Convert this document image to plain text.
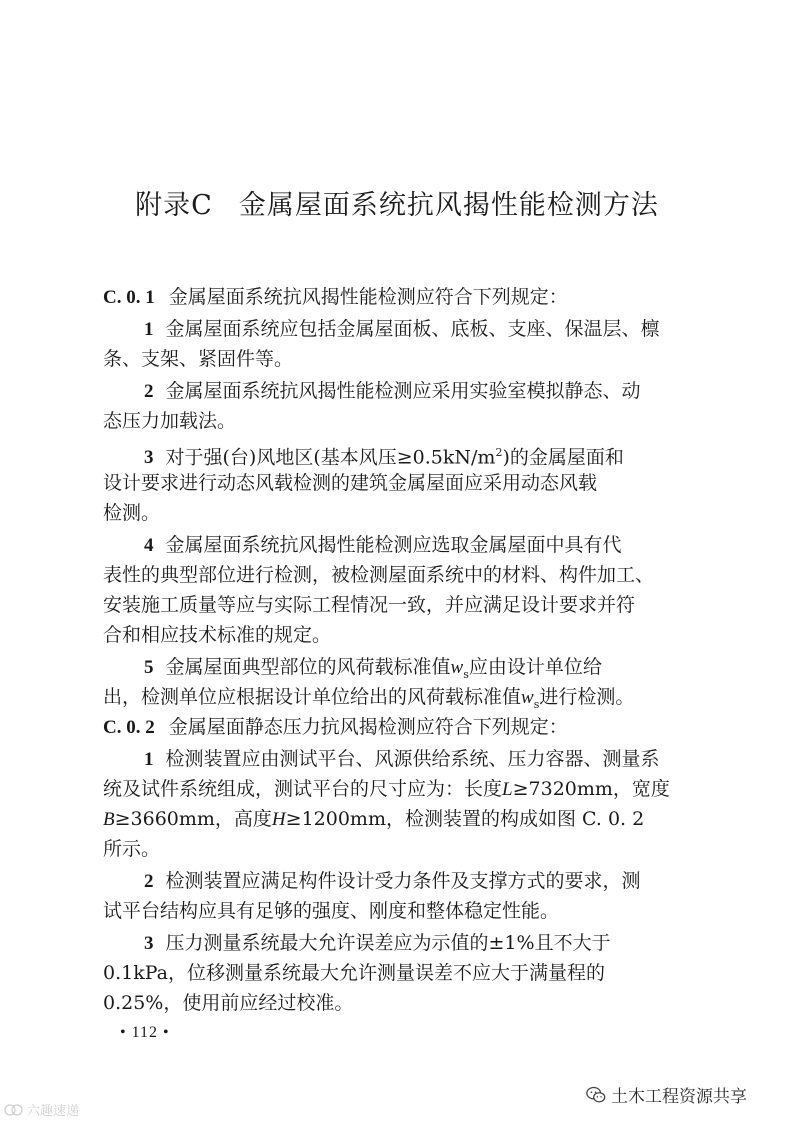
附录C 金属屋面系统抗风揭性能检测方法
C. 0. 1 金属屋面系统抗风揭性能检测应符合下列规定：
1 金属屋面系统应包括金属屋面板、底板、支座、保温层、檩
条、支架、紧固件等。
2 金属屋面系统抗风揭性能检测应采用实验室模拟静态、动
态压力加载法。
3 对于强(台)风地区(基本风压$\ge 0.5kN/m^2$)的金属屋面和
设计要求进行动态风载检测的建筑金属屋面应采用动态风载
检测。
4 金属屋面系统抗风揭性能检测应选取金属屋面中具有代
表性的典型部位进行检测，被检测屋面系统中的材料、构件加工、
安装施工质量等应与实际工程情况一致，并应满足设计要求并符
合和相应技术标准的规定。
5 金属屋面典型部位的风荷载标准值$w_s$应由设计单位给
出，检测单位应根据设计单位给出的风荷载标准值$w_s$进行检测。
C. 0. 2 金属屋面静态压力抗风揭检测应符合下列规定：
1 检测装置应由测试平台、风源供给系统、压力容器、测量系
统及试件系统组成，测试平台的尺寸应为：长度L≥7320mm，宽度
B≥3660mm，高度H≥1200mm，检测装置的构成如图 C. 0. 2
所示。
2 检测装置应满足构件设计受力条件及支撑方式的要求，测
试平台结构应具有足够的强度、刚度和整体稳定性能。
3 压力测量系统最大允许误差应为示值的±1%且不大于
0.1kPa，位移测量系统最大允许测量误差不应大于满量程的
0.25%，使用前应经过校准。
• 112 •
土木工程资源共享
六趣速递
